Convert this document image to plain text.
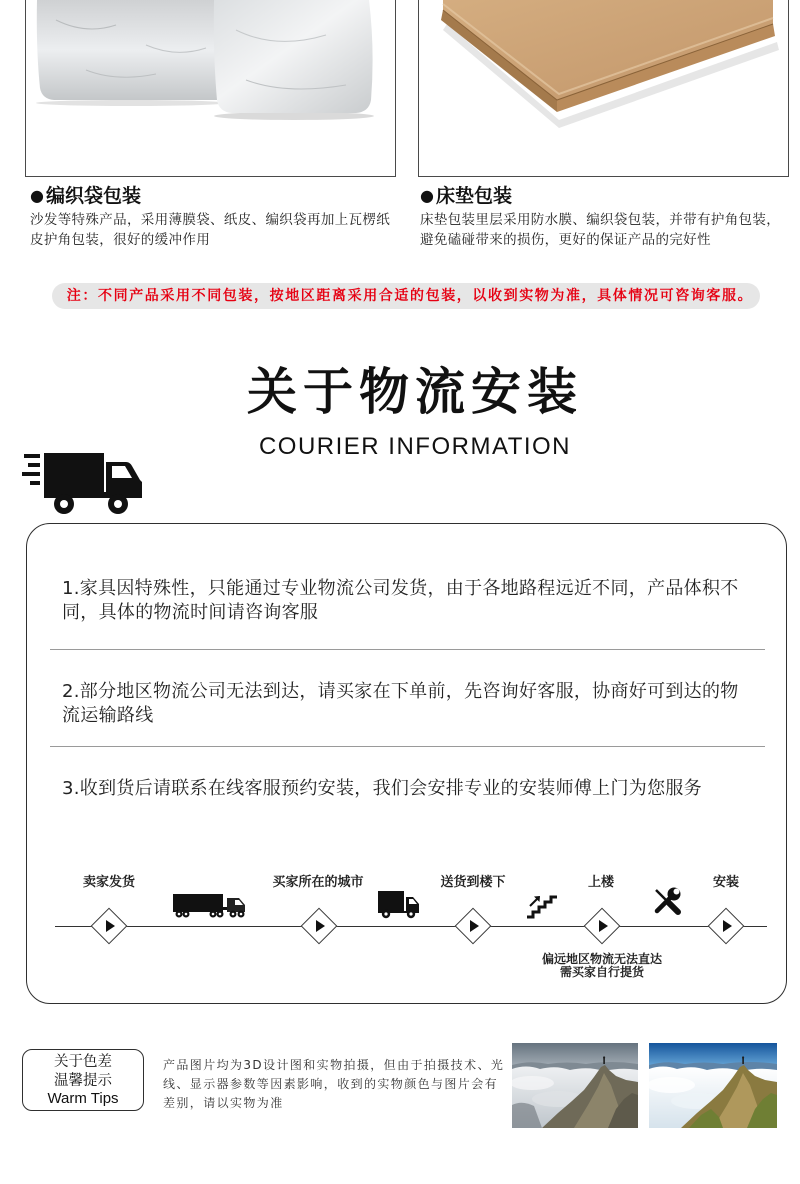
● 编织袋包装
沙发等特殊产品，采用薄膜袋、纸皮、编织袋再加上瓦楞纸
皮护角包装，很好的缓冲作用
● 床垫包装
床垫包装里层采用防水膜、编织袋包装，并带有护角包装，
避免磕碰带来的损伤，更好的保证产品的完好性
注：不同产品采用不同包装，按地区距离采用合适的包装，以收到实物为准，具体情况可咨询客服。
关于物流安装
COURIER INFORMATION
1.家具因特殊性，只能通过专业物流公司发货，由于各地路程远近不同，产品体积不
同，具体的物流时间请咨询客服
2.部分地区物流公司无法到达，请买家在下单前，先咨询好客服，协商好可到达的物
流运输路线
3.收到货后请联系在线客服预约安装，我们会安排专业的安装师傅上门为您服务
卖家发货	买家所在的城市	送货到楼下	上楼	安装
偏远地区物流无法直达
需买家自行提货
关于色差
温馨提示
Warm Tips
产品图片均为3D设计图和实物拍摄，但由于拍摄技术、光
线、显示器参数等因素影响，收到的实物颜色与图片会有
差别，请以实物为准
